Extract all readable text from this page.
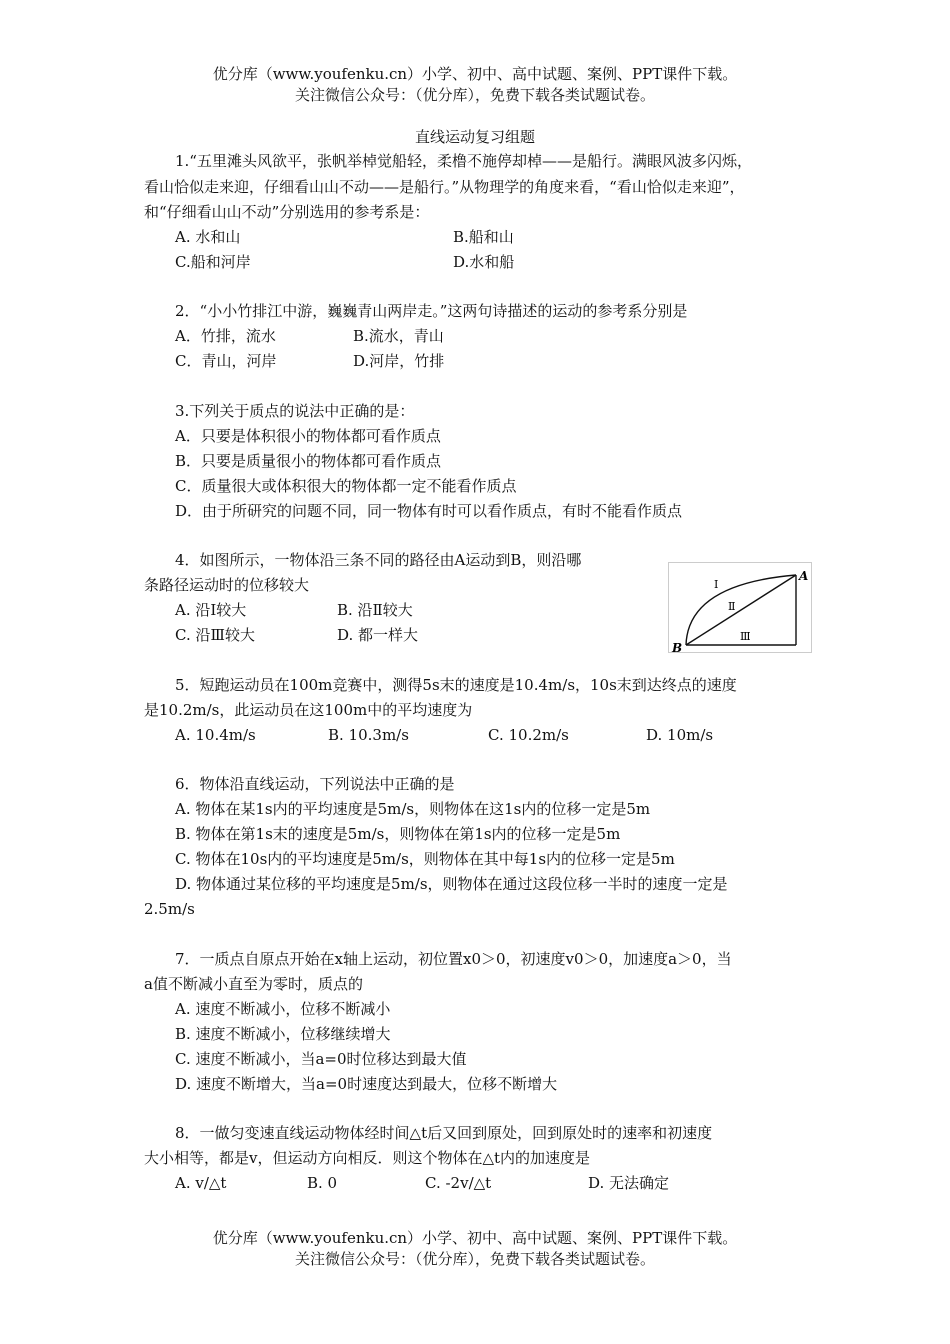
优分库（www.youfenku.cn）小学、初中、高中试题、案例、PPT课件下载。
关注微信公众号：（优分库），免费下载各类试题试卷。
直线运动复习组题
1.“五里滩头风欲平，张帆举棹觉船轻，柔橹不施停却棹——是船行。满眼风波多闪烁，
看山恰似走来迎，仔细看山山不动——是船行。”从物理学的角度来看，“看山恰似走来迎”，
和“仔细看山山不动”分别选用的参考系是：
A. 水和山	B.船和山
C.船和河岸	D.水和船
2．“小小竹排江中游，巍巍青山两岸走。”这两句诗描述的运动的参考系分别是
A．竹排，流水	B.流水，青山
C．青山，河岸	D.河岸，竹排
3.下列关于质点的说法中正确的是：
A．只要是体积很小的物体都可看作质点
B．只要是质量很小的物体都可看作质点
C．质量很大或体积很大的物体都一定不能看作质点
D．由于所研究的问题不同，同一物体有时可以看作质点，有时不能看作质点
4．如图所示，一物体沿三条不同的路径由A运动到B，则沿哪
条路径运动时的位移较大
A. 沿Ⅰ较大	B. 沿Ⅱ较大
C. 沿Ⅲ较大	D. 都一样大
A
B
Ⅰ
Ⅱ
Ⅲ
5．短跑运动员在100m竞赛中，测得5s末的速度是10.4m/s，10s末到达终点的速度
是10.2m/s，此运动员在这100m中的平均速度为
A. 10.4m/s	B. 10.3m/s	C. 10.2m/s	D. 10m/s
6．物体沿直线运动，下列说法中正确的是
A. 物体在某1s内的平均速度是5m/s，则物体在这1s内的位移一定是5m
B. 物体在第1s末的速度是5m/s，则物体在第1s内的位移一定是5m
C. 物体在10s内的平均速度是5m/s，则物体在其中每1s内的位移一定是5m
D. 物体通过某位移的平均速度是5m/s，则物体在通过这段位移一半时的速度一定是
2.5m/s
7．一质点自原点开始在x轴上运动，初位置x0＞0，初速度v0＞0，加速度a＞0，当
a值不断减小直至为零时，质点的
A. 速度不断减小，位移不断减小
B. 速度不断减小，位移继续增大
C. 速度不断减小，当a=0时位移达到最大值
D. 速度不断增大，当a=0时速度达到最大，位移不断增大
8．一做匀变速直线运动物体经时间△t后又回到原处，回到原处时的速率和初速度
大小相等，都是v，但运动方向相反．则这个物体在△t内的加速度是
A. v/△t	B. 0	C. -2v/△t	D. 无法确定
优分库（www.youfenku.cn）小学、初中、高中试题、案例、PPT课件下载。
关注微信公众号：（优分库），免费下载各类试题试卷。
